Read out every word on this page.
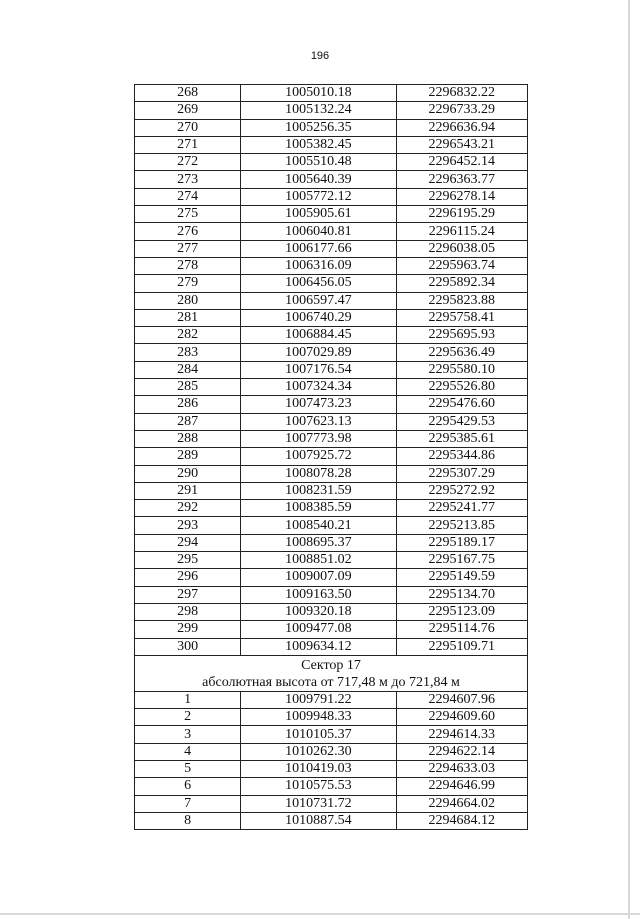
196
268	1005010.18	2296832.22
269	1005132.24	2296733.29
270	1005256.35	2296636.94
271	1005382.45	2296543.21
272	1005510.48	2296452.14
273	1005640.39	2296363.77
274	1005772.12	2296278.14
275	1005905.61	2296195.29
276	1006040.81	2296115.24
277	1006177.66	2296038.05
278	1006316.09	2295963.74
279	1006456.05	2295892.34
280	1006597.47	2295823.88
281	1006740.29	2295758.41
282	1006884.45	2295695.93
283	1007029.89	2295636.49
284	1007176.54	2295580.10
285	1007324.34	2295526.80
286	1007473.23	2295476.60
287	1007623.13	2295429.53
288	1007773.98	2295385.61
289	1007925.72	2295344.86
290	1008078.28	2295307.29
291	1008231.59	2295272.92
292	1008385.59	2295241.77
293	1008540.21	2295213.85
294	1008695.37	2295189.17
295	1008851.02	2295167.75
296	1009007.09	2295149.59
297	1009163.50	2295134.70
298	1009320.18	2295123.09
299	1009477.08	2295114.76
300	1009634.12	2295109.71

Сектор 17
абсолютная высота от 717,48 м до 721,84 м		

1	1009791.22	2294607.96
2	1009948.33	2294609.60
3	1010105.37	2294614.33
4	1010262.30	2294622.14
5	1010419.03	2294633.03
6	1010575.53	2294646.99
7	1010731.72	2294664.02
8	1010887.54	2294684.12
